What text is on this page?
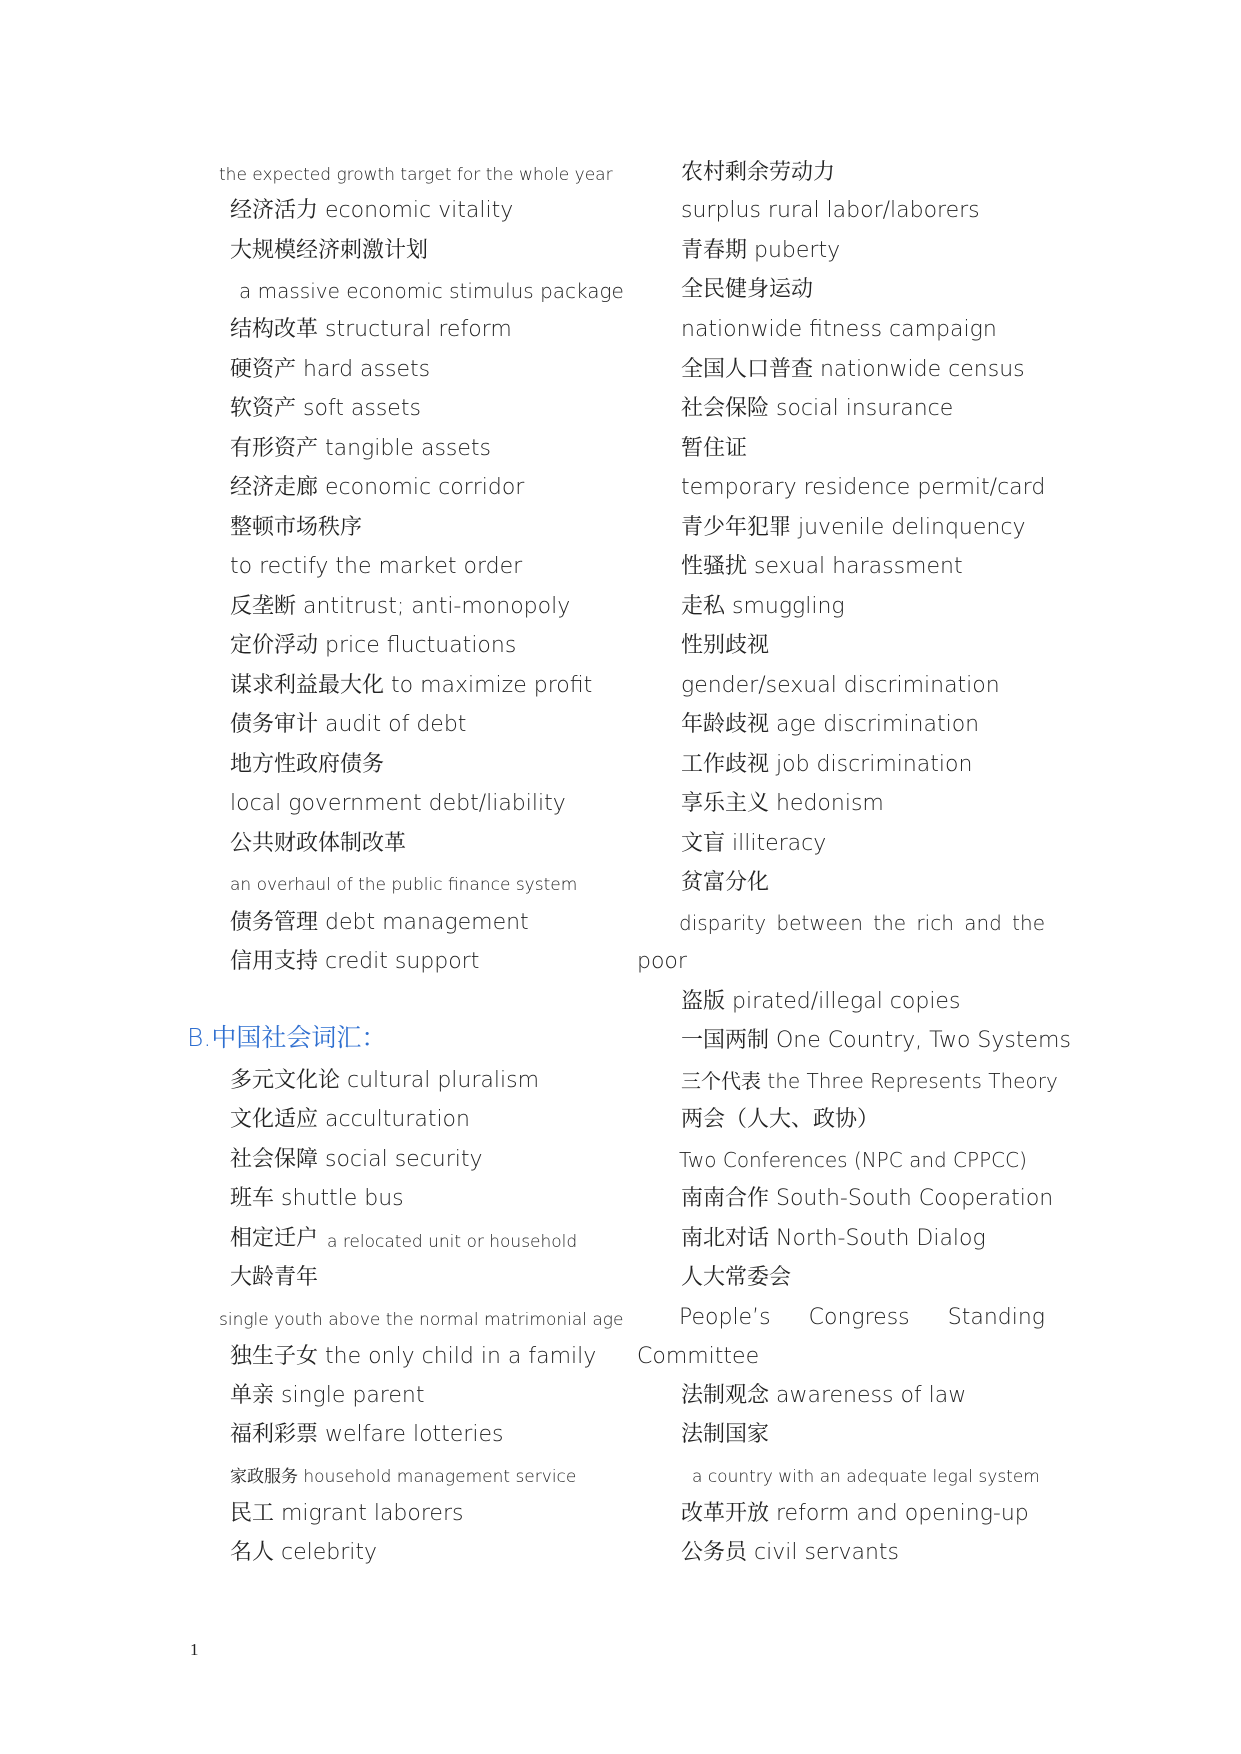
the expected growth target for the whole year
经济活力 economic vitality
大规模经济刺激计划
a massive economic stimulus package
结构改革 structural reform
硬资产 hard assets
软资产 soft assets
有形资产 tangible assets
经济走廊 economic corridor
整顿市场秩序
to rectify the market order
反垄断 antitrust; anti-monopoly
定价浮动 price fluctuations
谋求利益最大化 to maximize profit
债务审计 audit of debt
地方性政府债务
local government debt/liability
公共财政体制改革
an overhaul of the public finance system
债务管理 debt management
信用支持 credit support
B.中国社会词汇：
多元文化论 cultural pluralism
文化适应 acculturation
社会保障 social security
班车 shuttle bus
相定迁户 a relocated unit or household
大龄青年
single youth above the normal matrimonial age
独生子女 the only child in a family
单亲 single parent
福利彩票 welfare lotteries
家政服务 household management service
民工 migrant laborers
名人 celebrity
农村剩余劳动力
surplus rural labor/laborers
青春期 puberty
全民健身运动
nationwide fitness campaign
全国人口普查 nationwide census
社会保险 social insurance
暂住证
temporary residence permit/card
青少年犯罪 juvenile delinquency
性骚扰 sexual harassment
走私 smuggling
性别歧视
gender/sexual discrimination
年龄歧视 age discrimination
工作歧视 job discrimination
享乐主义 hedonism
文盲 illiteracy
贫富分化
disparity between the rich and the
poor
盗版 pirated/illegal copies
一国两制 One Country, Two Systems
三个代表 the Three Represents Theory
两会（人大、政协）
Two Conferences (NPC and CPPCC)
南南合作 South-South Cooperation
南北对话 North-South Dialog
人大常委会
People’s Congress Standing
Committee
法制观念 awareness of law
法制国家
a country with an adequate legal system
改革开放 reform and opening-up
公务员 civil servants
1
